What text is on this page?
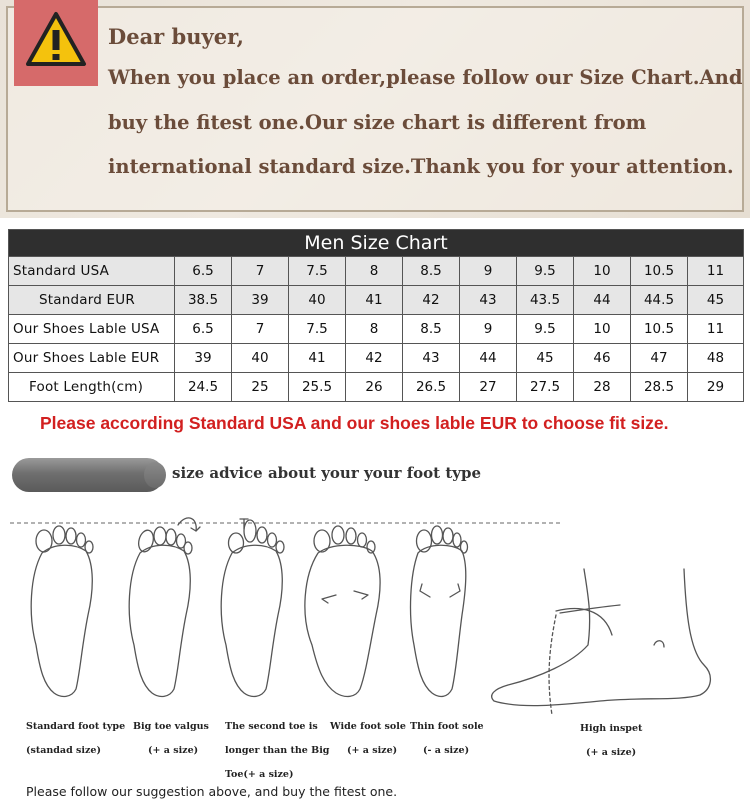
Dear buyer,
When you place an order,please follow our Size Chart.And
buy the fitest one.Our size chart is different from
international standard size.Thank you for your attention.
Men Size Chart										
Standard USA	6.5	7	7.5	8	8.5	9	9.5	10	10.5	11
Standard EUR	38.5	39	40	41	42	43	43.5	44	44.5	45
Our Shoes Lable USA	6.5	7	7.5	8	8.5	9	9.5	10	10.5	11
Our Shoes Lable EUR	39	40	41	42	43	44	45	46	47	48
Foot Length(cm)	24.5	25	25.5	26	26.5	27	27.5	28	28.5	29
Please according Standard USA and our shoes lable EUR to choose fit size.
size advice about your your foot type
Standard foot type
(standad size)
Big toe valgus
(+ a size)
The second toe is
longer than the Big
Toe(+ a size)
Wide foot sole
(+ a size)
Thin foot sole
(- a size)
High inspet
(+ a size)
Please follow our suggestion above, and buy the fitest one.
